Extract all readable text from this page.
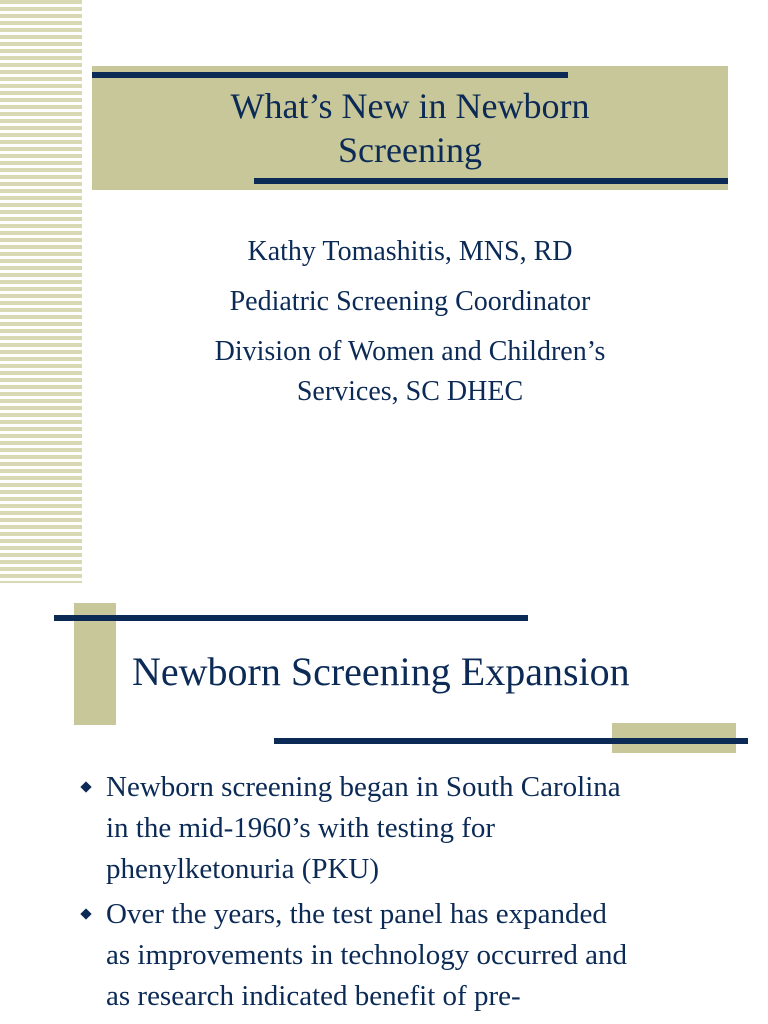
What’s New in Newborn
Screening
Kathy Tomashitis, MNS, RD
Pediatric Screening Coordinator
Division of Women and Children’s
Services, SC DHEC
Newborn Screening Expansion
Newborn screening began in South Carolina
in the mid-1960’s with testing for
phenylketonuria (PKU)
Over the years, the test panel has expanded
as improvements in technology occurred and
as research indicated benefit of pre-
